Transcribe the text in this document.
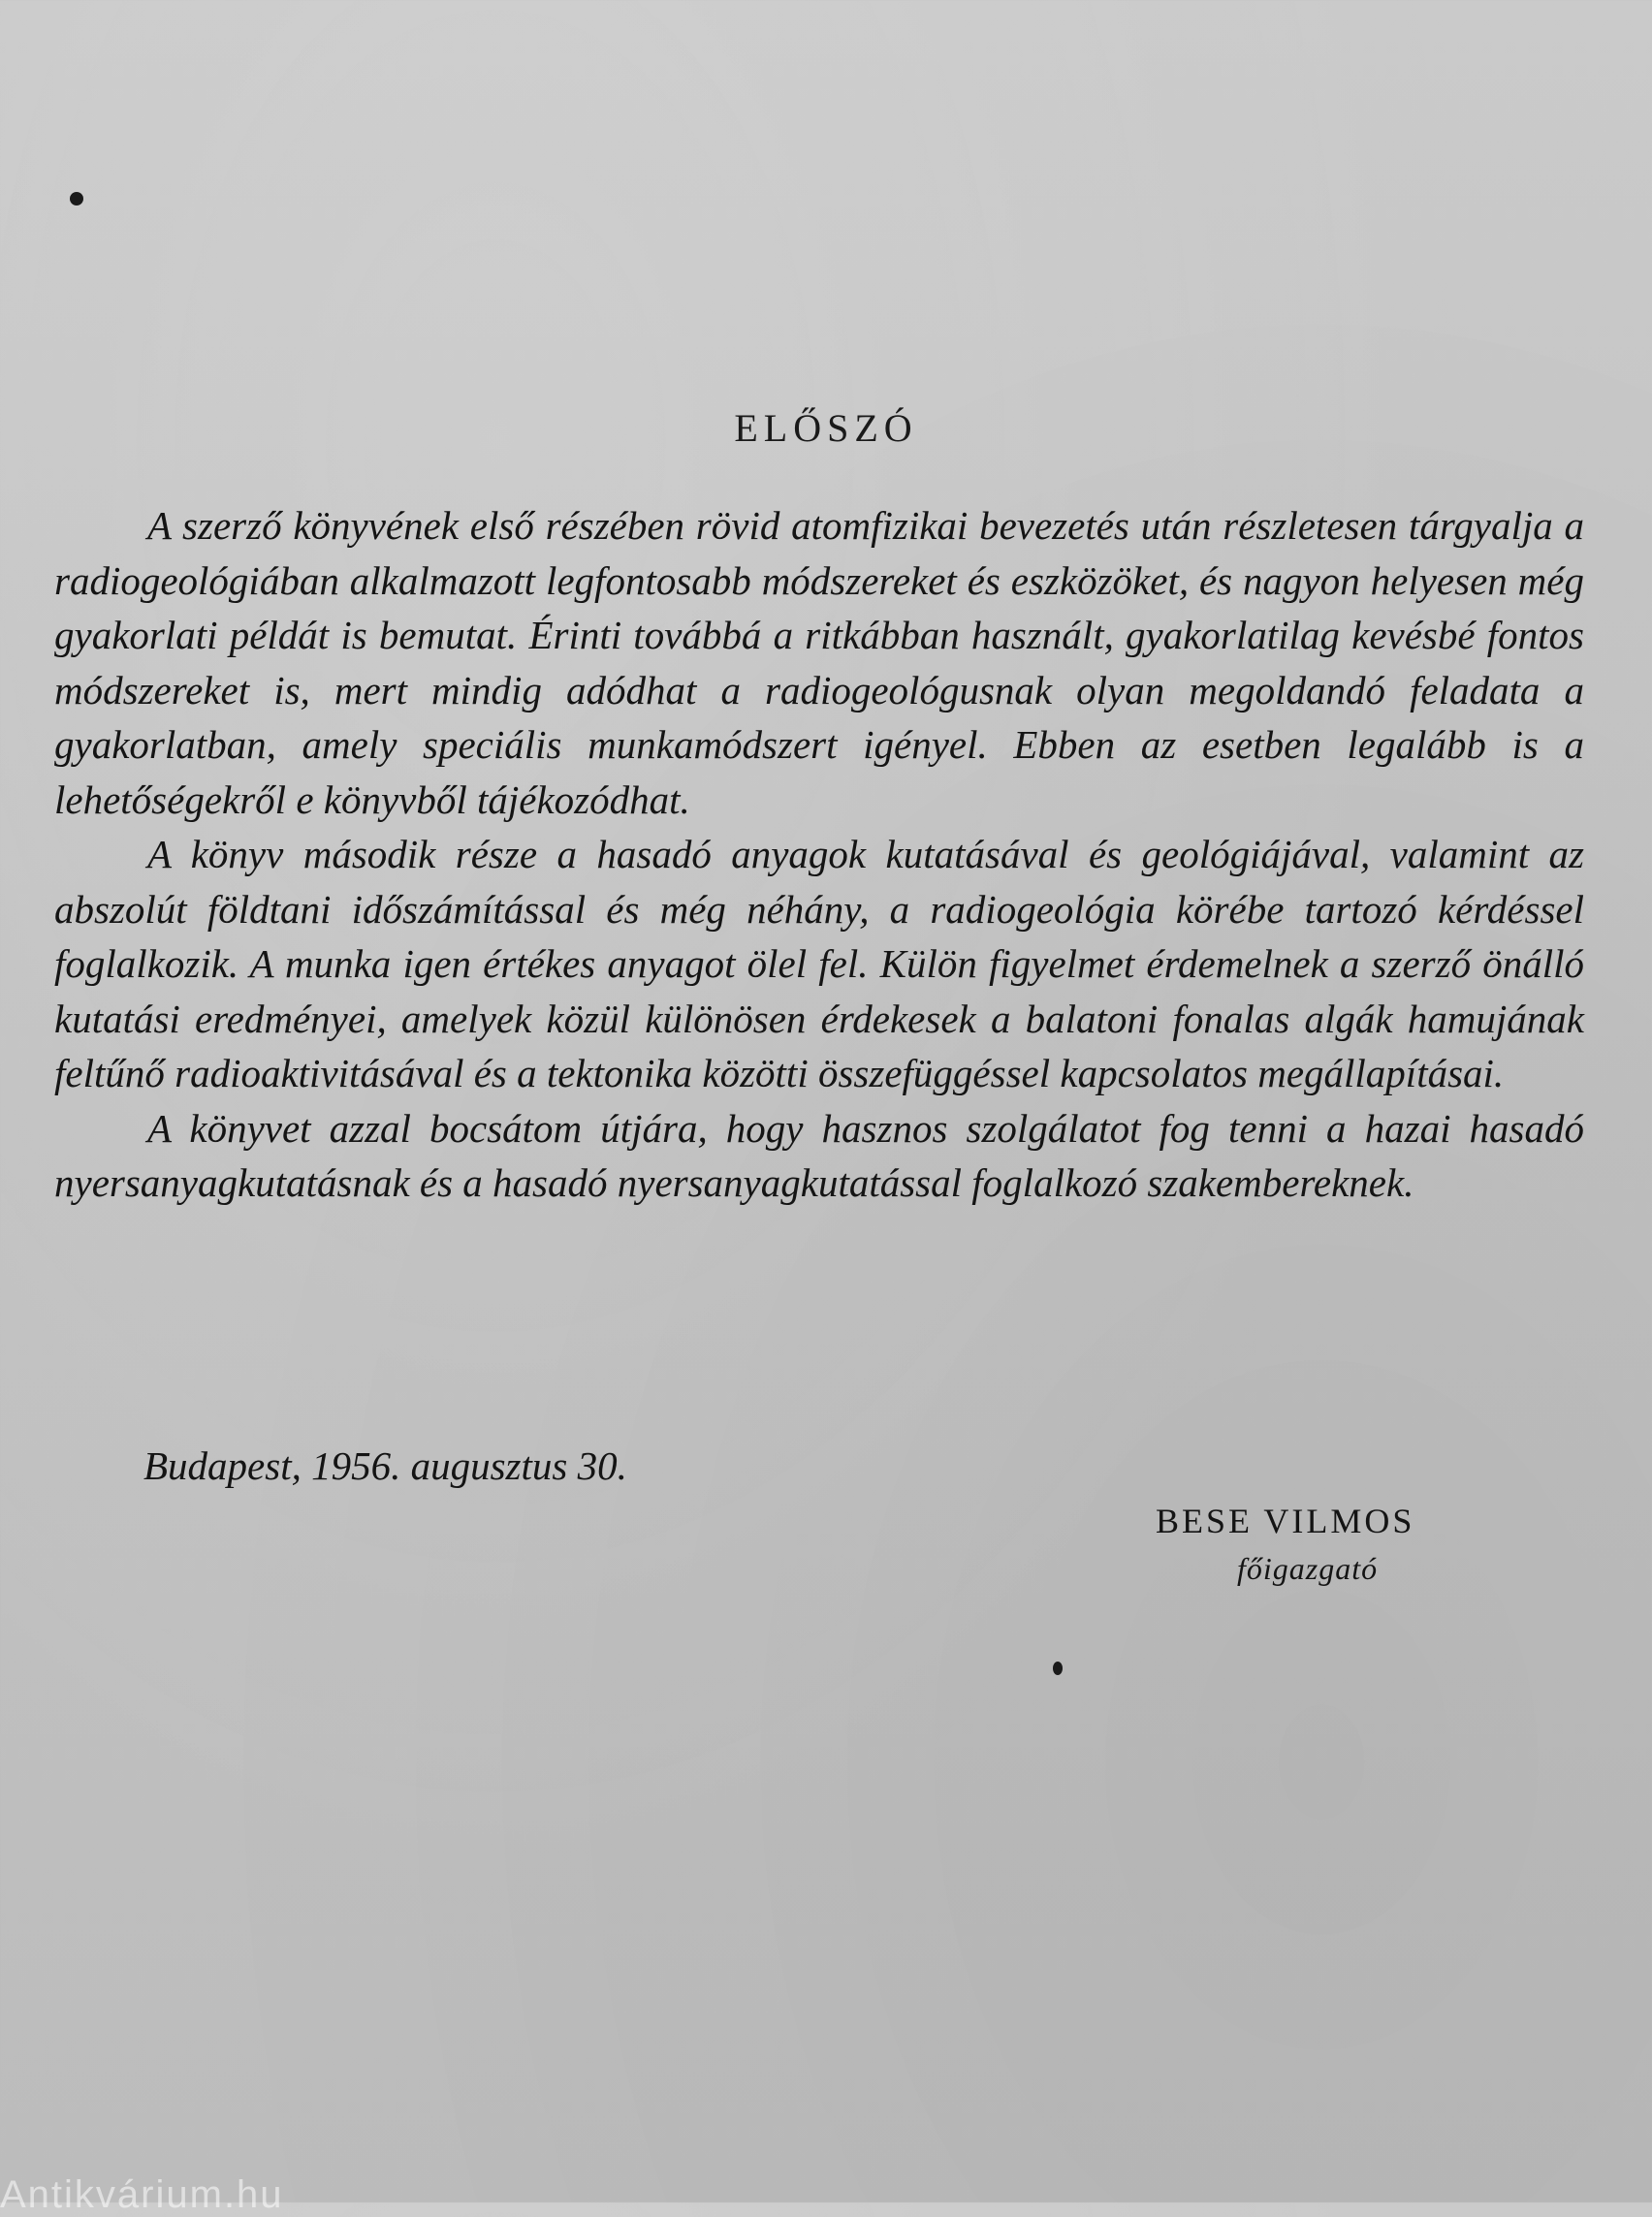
ELŐSZÓ

A szerző könyvének első részében rövid atomfizikai bevezetés után részletesen tárgyalja a radiogeológiában alkalmazott legfontosabb módszereket és eszközöket, és nagyon helyesen még gyakorlati példát is bemutat. Érinti továbbá a ritkábban használt, gyakorlatilag kevésbé fontos módszereket is, mert mindig adódhat a radiogeológusnak olyan megoldandó feladata a gyakorlatban, amely speciális munkamódszert igényel. Ebben az esetben legalább is a lehetőségekről e könyvből tájékozódhat.

A könyv második része a hasadó anyagok kutatásával és geológiájával, valamint az abszolút földtani időszámítással és még néhány, a radiogeológia körébe tartozó kérdéssel foglalkozik. A munka igen értékes anyagot ölel fel. Külön figyelmet érdemelnek a szerző önálló kutatási eredményei, amelyek közül különösen érdekesek a balatoni fonalas algák hamujának feltűnő radioaktivitásával és a tektonika közötti összefüggéssel kapcsolatos megállapításai.

A könyvet azzal bocsátom útjára, hogy hasznos szolgálatot fog tenni a hazai hasadó nyersanyagkutatásnak és a hasadó nyersanyagkutatással foglalkozó szakembereknek.

Budapest, 1956. augusztus 30.
BESE VILMOS
főigazgató
Antikvárium.hu
